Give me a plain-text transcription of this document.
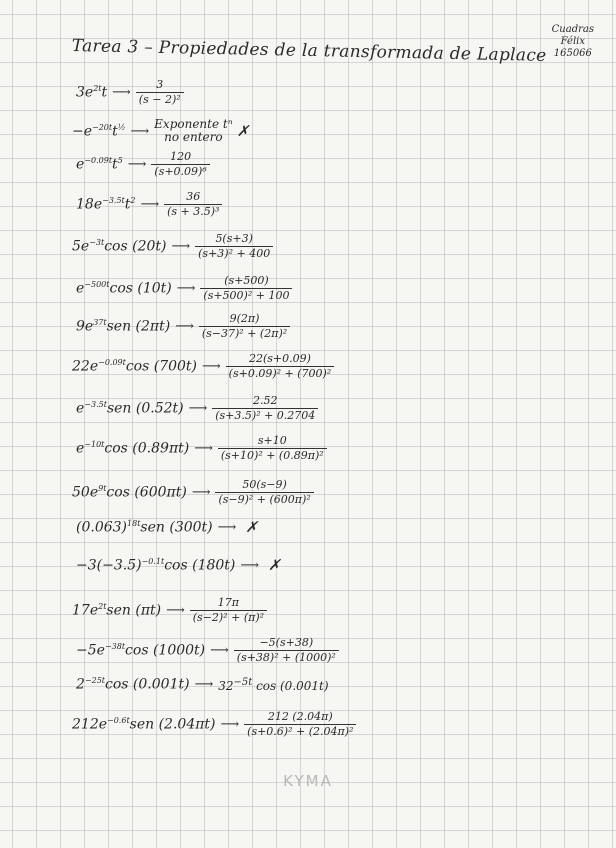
Tarea 3 – Propiedades de la transformada de Laplace
Cuadras
Félix
165066
$3e^{2t}t$ ⟶ $\frac{3}{\text{(s − 2)²}}$
$-e^{-20t}t^{\frac{1}{2}}$ ⟶ Exponente tⁿ
no entero ✗
$e^{-0.09t}t^5$ ⟶ $\frac{120}{\text{(s+0.09)⁶}}$
$18e^{-3.5t}t^2$ ⟶ $\frac{36}{\text{(s + 3.5)³}}$
$5e^{-3t}\cos$ (20t) ⟶ $\frac{5(s+3)}{\text{(s+3)² + 400}}$
$e^{-500t}\cos$ (10t) ⟶ $\frac{(s+500)}{\text{(s+500)² + 100}}$
$9e^{37t}sen$ (2πt) ⟶ $\frac{9(2\pi)}{\text{(s−37)² + (2π)²}}$
$22e^{-0.09t}\cos$ (700t) ⟶ $\frac{22(s+0.09)}{\text{(s+0.09)² + (700)²}}$
$e^{-3.5t}sen$ (0.52t) ⟶ $\frac{2.52}{\text{(s+3.5)² + 0.2704}}$
$e^{-10t}\cos$ (0.89πt) ⟶ $\frac{s+10}{\text{(s+10)² + (0.89π)²}}$
$50e^{9t}\cos$ (600πt) ⟶ $\frac{50(s-9)}{\text{(s−9)² + (600π)²}}$
$(0.063)^{18t}sen$ (300t) ⟶ ✗
$-3(-3.5)^{-0.1t}\cos$ (180t) ⟶ ✗
$17e^{2t}sen$ (πt) ⟶ $\frac{17\pi}{\text{(s−2)² + (π)²}}$
$-5e^{-38t}\cos$ (1000t) ⟶ $\frac{-5(s+38)}{\text{(s+38)² + (1000)²}}$
$2^{-25t}\cos$ (0.001t) ⟶ $32^{-5t}$ cos (0.001t)
$212e^{-0.6t}sen$ (2.04πt) ⟶ $\frac{212 (2.04\pi)}{\text{(s+0.6)² + (2.04π)²}}$
KYMA
